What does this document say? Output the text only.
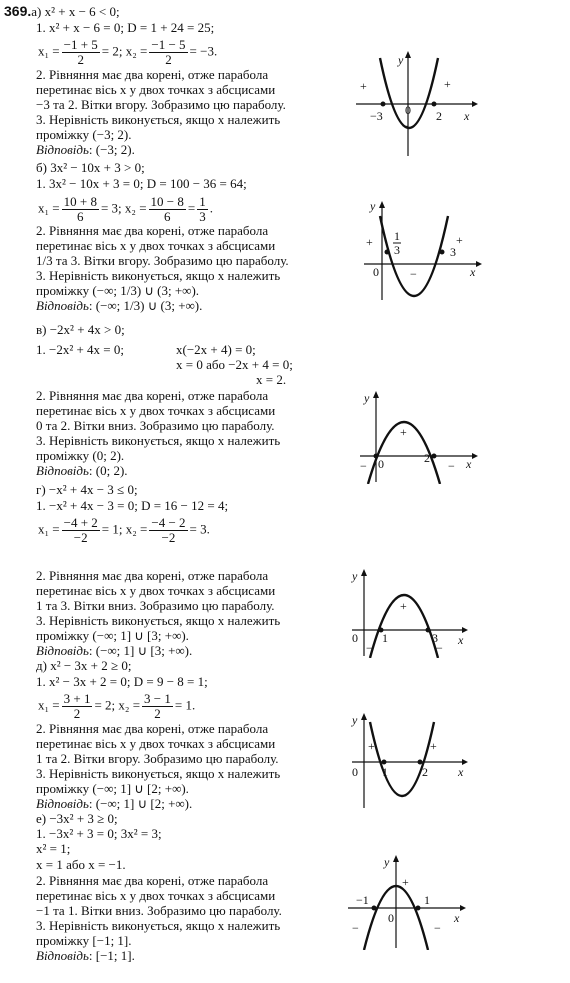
369.а) x² + x − 6 < 0;
1. x² + x − 6 = 0; D = 1 + 24 = 25;
$x_1 = \frac{-1 + 5}{2} = 2$; $x_2 = \frac{-1 - 5}{2} = -3$.
2. Рівняння має два корені, отже парабола
перетинає вісь x у двох точках з абсцисами
−3 та 2. Вітки вгору. Зобразимо цю параболу.
3. Нерівність виконується, якщо x належить
проміжку (−3; 2).
Відповідь: (−3; 2).
y
x
+	+
−
−3	2
0
б) 3x² − 10x + 3 > 0;
1. 3x² − 10x + 3 = 0; D = 100 − 36 = 64;
$x_1 = \frac{10 + 8}{6} = 3$; $x_2 = \frac{10 - 8}{6} = \frac{1}{3}$ .
2. Рівняння має два корені, отже парабола
перетинає вісь x у двох точках з абсцисами
1/3 та 3. Вітки вгору. Зобразимо цю параболу.
3. Нерівність виконується, якщо x належить
проміжку (−∞; 1/3) ∪ (3; +∞).
Відповідь: (−∞; 1/3) ∪ (3; +∞).
y
x
+	+
−
1
3	3
0
в) −2x² + 4x > 0;
1. −2x² + 4x = 0;	x(−2x + 4) = 0;
x = 0 або −2x + 4 = 0;
x = 2.
2. Рівняння має два корені, отже парабола
перетинає вісь x у двох точках з абсцисами
0 та 2. Вітки вниз. Зобразимо цю параболу.
3. Нерівність виконується, якщо x належить
проміжку (0; 2).
Відповідь: (0; 2).
y
x
+
−	−
2
0
г) −x² + 4x − 3 ≤ 0;
1. −x² + 4x − 3 = 0; D = 16 − 12 = 4;
$x_1 = \frac{-4 + 2}{-2} = 1$; $x_2 = \frac{-4 - 2}{-2} = 3$.
2. Рівняння має два корені, отже парабола
перетинає вісь x у двох точках з абсцисами
1 та 3. Вітки вниз. Зобразимо цю параболу.
3. Нерівність виконується, якщо x належить
проміжку (−∞; 1] ∪ [3; +∞).
Відповідь: (−∞; 1] ∪ [3; +∞).
y
x
+
−	−
1	3
0
д) x² − 3x + 2 ≥ 0;
1. x² − 3x + 2 = 0; D = 9 − 8 = 1;
$x_1 = \frac{3 + 1}{2} = 2$; $x_2 = \frac{3 - 1}{2} = 1$.
2. Рівняння має два корені, отже парабола
перетинає вісь x у двох точках з абсцисами
1 та 2. Вітки вгору. Зобразимо цю параболу.
3. Нерівність виконується, якщо x належить
проміжку (−∞; 1] ∪ [2; +∞).
Відповідь: (−∞; 1] ∪ [2; +∞).
y
x
+	+
−
1	2
0
е) −3x² + 3 ≥ 0;
1. −3x² + 3 = 0; 3x² = 3;
x² = 1;
x = 1 або x = −1.
2. Рівняння має два корені, отже парабола
перетинає вісь x у двох точках з абсцисами
−1 та 1. Вітки вниз. Зобразимо цю параболу.
3. Нерівність виконується, якщо x належить
проміжку [−1; 1].
Відповідь: [−1; 1].
y
x
+
−	−
−1	1
0
